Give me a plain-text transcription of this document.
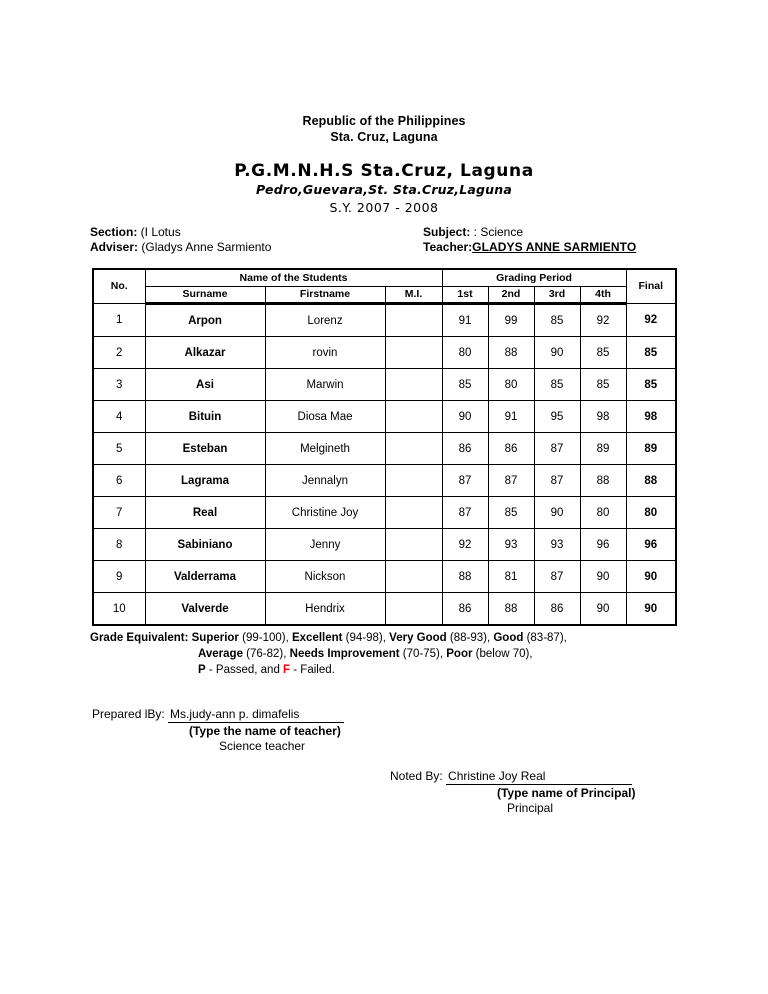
Republic of the Philippines
Sta. Cruz, Laguna
P.G.M.N.H.S Sta.Cruz, Laguna
Pedro,Guevara,St. Sta.Cruz,Laguna
S.Y. 2007 - 2008
Section: (I Lotus
Adviser: (Gladys Anne Sarmiento
Subject: : Science
Teacher:GLADYS ANNE SARMIENTO
No.	Name of the Students			Grading Period				Final
	Surname	Firstname	M.I.	1st	2nd	3rd	4th	
1	Arpon	Lorenz		91	99	85	92	92
2	Alkazar	rovin		80	88	90	85	85
3	Asi	Marwin		85	80	85	85	85
4	Bituin	Diosa Mae		90	91	95	98	98
5	Esteban	Melgineth		86	86	87	89	89
6	Lagrama	Jennalyn		87	87	87	88	88
7	Real	Christine Joy		87	85	90	80	80
8	Sabiniano	Jenny		92	93	93	96	96
9	Valderrama	Nickson		88	81	87	90	90
10	Valverde	Hendrix		86	88	86	90	90
Grade Equivalent: Superior (99-100), Excellent (94-98), Very Good (88-93), Good (83-87),
Average (76-82), Needs Improvement (70-75), Poor (below 70),
P - Passed, and F - Failed.
Prepared lBy: Ms.judy-ann p. dimafelis
(Type the name of teacher)
Science teacher
Noted By: Christine Joy Real
(Type name of Principal)
Principal
